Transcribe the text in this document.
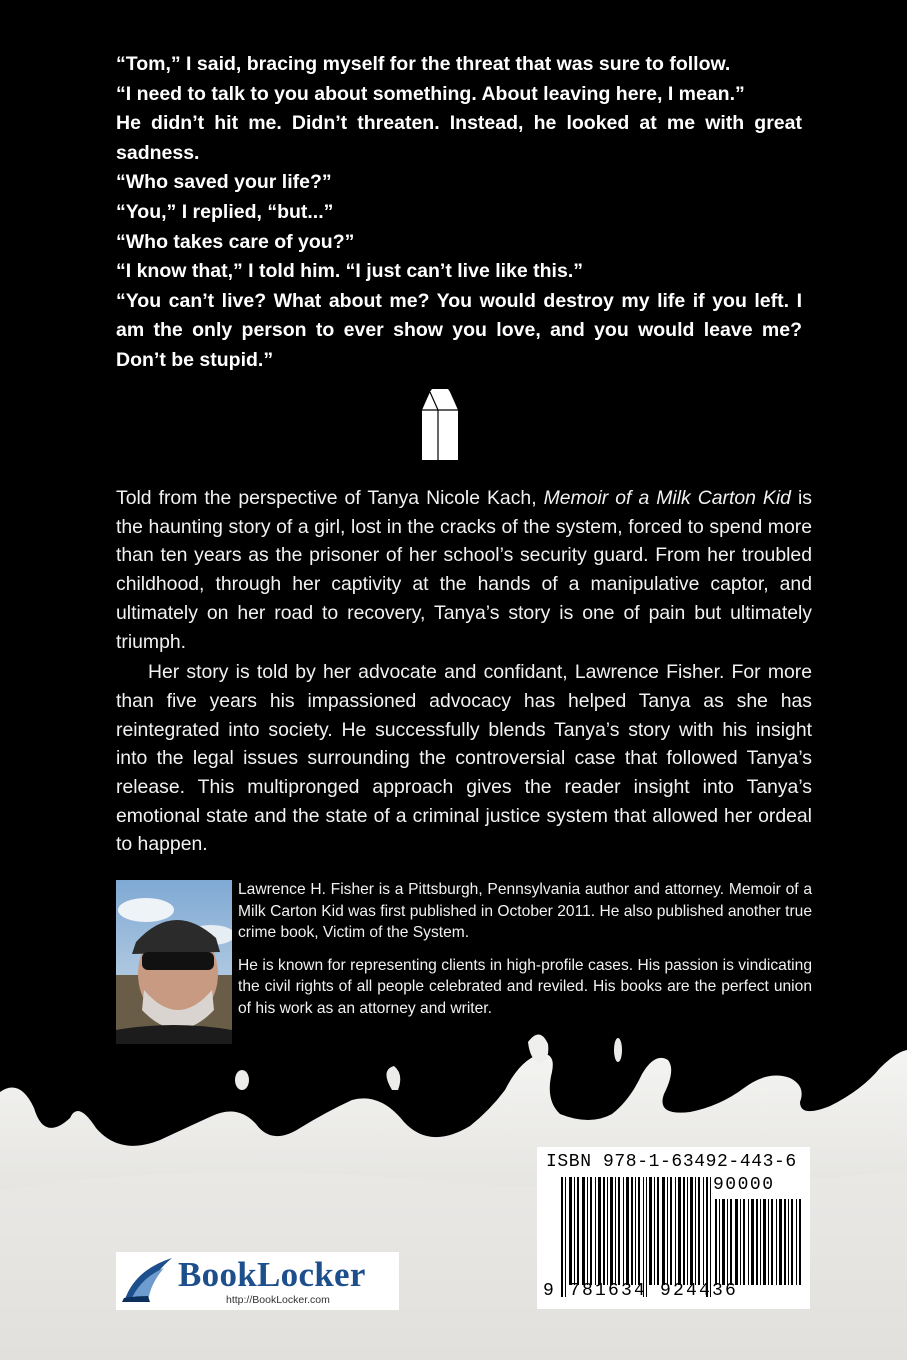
“Tom,” I said, bracing myself for the threat that was sure to follow.

“I need to talk to you about something. About leaving here, I mean.”

He didn’t hit me. Didn’t threaten. Instead, he looked at me with great sadness.

“Who saved your life?”

“You,” I replied, “but...”

“Who takes care of you?”

“I know that,” I told him. “I just can’t live like this.”

“You can’t live? What about me? You would destroy my life if you left. I am the only person to ever show you love, and you would leave me? Don’t be stupid.”

Told from the perspective of Tanya Nicole Kach, Memoir of a Milk Carton Kid is the haunting story of a girl, lost in the cracks of the system, forced to spend more than ten years as the prisoner of her school’s security guard. From her troubled childhood, through her captivity at the hands of a manipulative captor, and ultimately on her road to recovery, Tanya’s story is one of pain but ultimately triumph.

Her story is told by her advocate and confidant, Lawrence Fisher. For more than five years his impassioned advocacy has helped Tanya as she has reintegrated into society. He successfully blends Tanya’s story with his insight into the legal issues surrounding the controversial case that followed Tanya’s release. This multipronged approach gives the reader insight into Tanya’s emotional state and the state of a criminal justice system that allowed her ordeal to happen.

Lawrence H. Fisher is a Pittsburgh, Pennsylvania author and attorney. Memoir of a Milk Carton Kid was first published in October 2011. He also published another true crime book, Victim of the System.

He is known for representing clients in high-profile cases. His passion is vindicating the civil rights of all people celebrated and reviled. His books are the perfect union of his work as an attorney and writer.

ISBN 978-1-63492-443-6
90000
9 781634 924436
BookLocker
http://BookLocker.com
